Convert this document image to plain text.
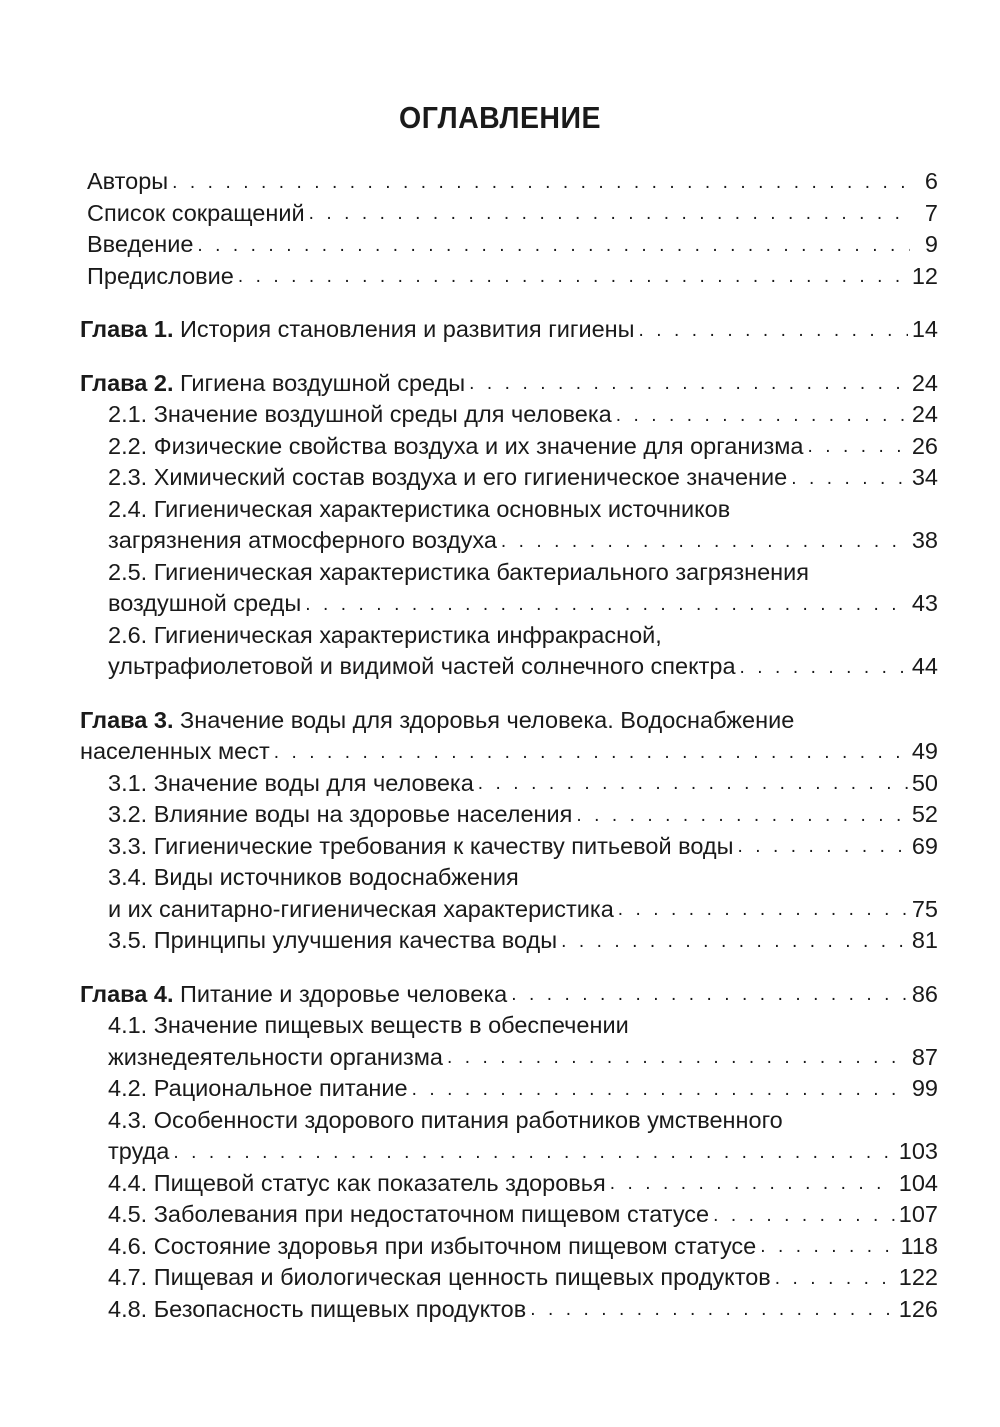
ОГЛАВЛЕНИЕ
Авторы . . .	6
Список сокращений . . .	7
Введение . . .	9
Предисловие . . .	12
Глава 1. История становления и развития гигиены . . .	14
Глава 2. Гигиена воздушной среды . . .	24
2.1. Значение воздушной среды для человека . . .	24
2.2. Физические свойства воздуха и их значение для организма . . .	26
2.3. Химический состав воздуха и его гигиеническое значение . . .	34
2.4. Гигиеническая характеристика основных источников
загрязнения атмосферного воздуха . . .	38
2.5. Гигиеническая характеристика бактериального загрязнения
воздушной среды . . .	43
2.6. Гигиеническая характеристика инфракрасной,
ультрафиолетовой и видимой частей солнечного спектра . . .	44
Глава 3. Значение воды для здоровья человека. Водоснабжение
населенных мест . . .	49
3.1. Значение воды для человека . . .	50
3.2. Влияние воды на здоровье населения . . .	52
3.3. Гигиенические требования к качеству питьевой воды . . .	69
3.4. Виды источников водоснабжения
и их санитарно-гигиеническая характеристика . . .	75
3.5. Принципы улучшения качества воды . . .	81
Глава 4. Питание и здоровье человека . . .	86
4.1. Значение пищевых веществ в обеспечении
жизнедеятельности организма . . .	87
4.2. Рациональное питание . . .	99
4.3. Особенности здорового питания работников умственного
труда . . .	103
4.4. Пищевой статус как показатель здоровья . . .	104
4.5. Заболевания при недостаточном пищевом статусе . . .	107
4.6. Состояние здоровья при избыточном пищевом статусе . . .	118
4.7. Пищевая и биологическая ценность пищевых продуктов . . .	122
4.8. Безопасность пищевых продуктов . . .	126
